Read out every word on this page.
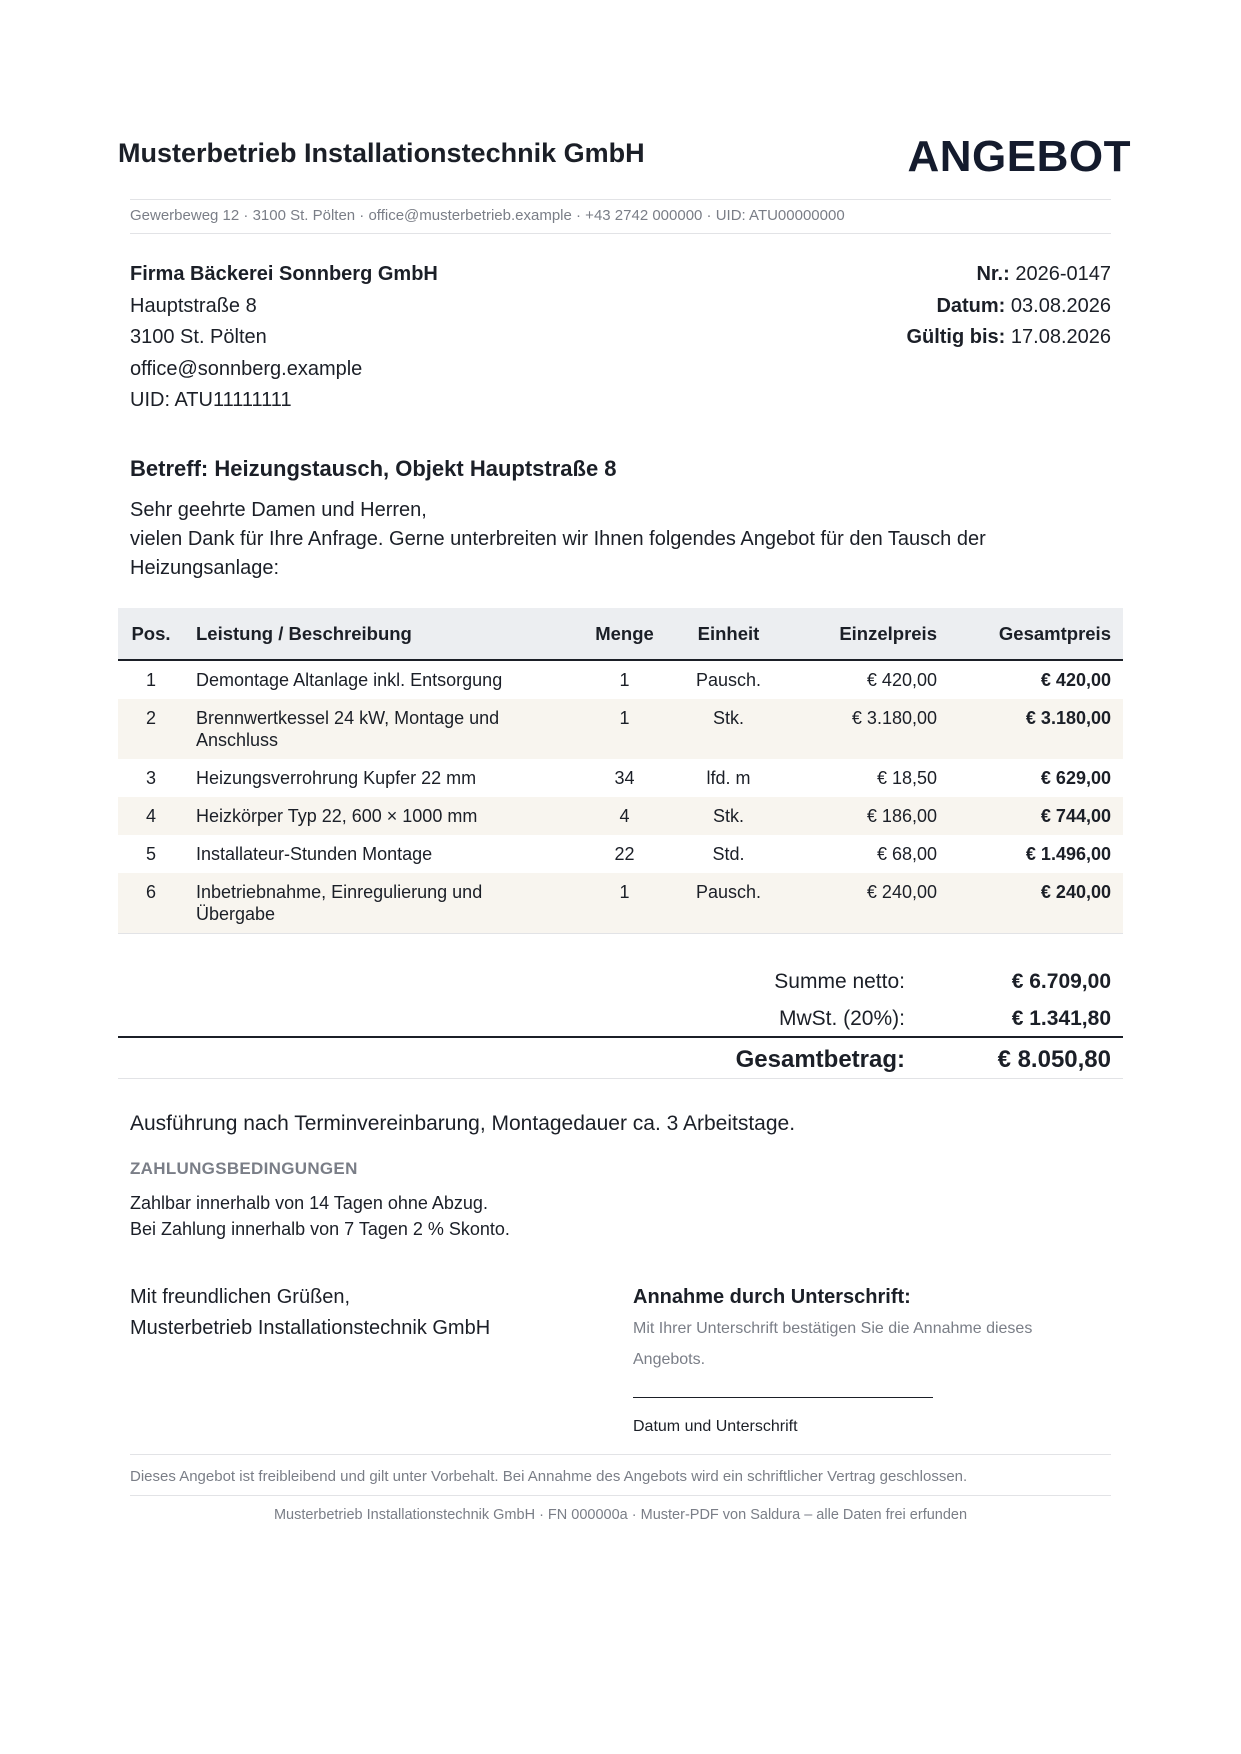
Musterbetrieb Installationstechnik GmbH	ANGEBOT
Gewerbeweg 12 · 3100 St. Pölten · office@musterbetrieb.example · +43 2742 000000 · UID: ATU00000000
Firma Bäckerei Sonnberg GmbH
Hauptstraße 8
3100 St. Pölten
office@sonnberg.example
UID: ATU11111111
Nr.: 2026-0147
Datum: 03.08.2026
Gültig bis: 17.08.2026
Betreff: Heizungstausch, Objekt Hauptstraße 8
Sehr geehrte Damen und Herren,
vielen Dank für Ihre Anfrage. Gerne unterbreiten wir Ihnen folgendes Angebot für den Tausch der Heizungsanlage:
Pos.	Leistung / Beschreibung	Menge	Einheit	Einzelpreis	Gesamtpreis
1	Demontage Altanlage inkl. Entsorgung	1	Pausch.	€ 420,00	€ 420,00
2	Brennwertkessel 24 kW, Montage und Anschluss	1	Stk.	€ 3.180,00	€ 3.180,00
3	Heizungsverrohrung Kupfer 22 mm	34	lfd. m	€ 18,50	€ 629,00
4	Heizkörper Typ 22, 600 × 1000 mm	4	Stk.	€ 186,00	€ 744,00
5	Installateur-Stunden Montage	22	Std.	€ 68,00	€ 1.496,00
6	Inbetriebnahme, Einregulierung und Übergabe	1	Pausch.	€ 240,00	€ 240,00
Summe netto:	€ 6.709,00
MwSt. (20%):	€ 1.341,80
Gesamtbetrag:	€ 8.050,80
Ausführung nach Terminvereinbarung, Montagedauer ca. 3 Arbeitstage.
ZAHLUNGSBEDINGUNGEN
Zahlbar innerhalb von 14 Tagen ohne Abzug.
Bei Zahlung innerhalb von 7 Tagen 2 % Skonto.
Mit freundlichen Grüßen,
Musterbetrieb Installationstechnik GmbH
Annahme durch Unterschrift:
Mit Ihrer Unterschrift bestätigen Sie die Annahme dieses Angebots.
Datum und Unterschrift
Dieses Angebot ist freibleibend und gilt unter Vorbehalt. Bei Annahme des Angebots wird ein schriftlicher Vertrag geschlossen.
Musterbetrieb Installationstechnik GmbH · FN 000000a · Muster-PDF von Saldura – alle Daten frei erfunden
